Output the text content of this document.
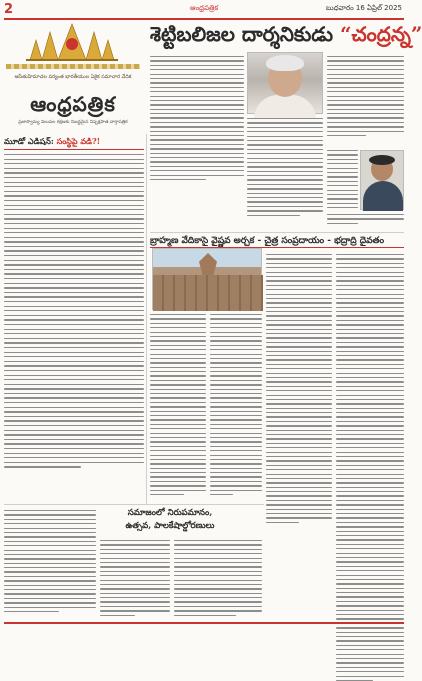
2	ఆంధ్రపత్రిక	బుధవారం 16 ఏప్రిల్ 2025
ఆసేతుహిమాచల పర్యంత భారతీయుల ఏకైక సమాచార వేదిక
ఆంధ్రపత్రిక
ప్రజాస్వామ్య విలువల రక్షణకు నిబద్ధమైన నిష్పక్షపాత వార్తాపత్రిక
శెట్టిబలిజల దార్శనికుడు “చంద్రన్న”
మూడో ఎడిషన్: సంస్థిపై వడి?!
బ్రాహ్మణ వేదికాసై వైష్ణవ అర్చక - చైత్ర సంప్రదాయం - భద్రాద్రి దైవతం
సమాజంలో నిరుపమానం,
ఉత్సవ, పాలకేషాల్డోరణులు
